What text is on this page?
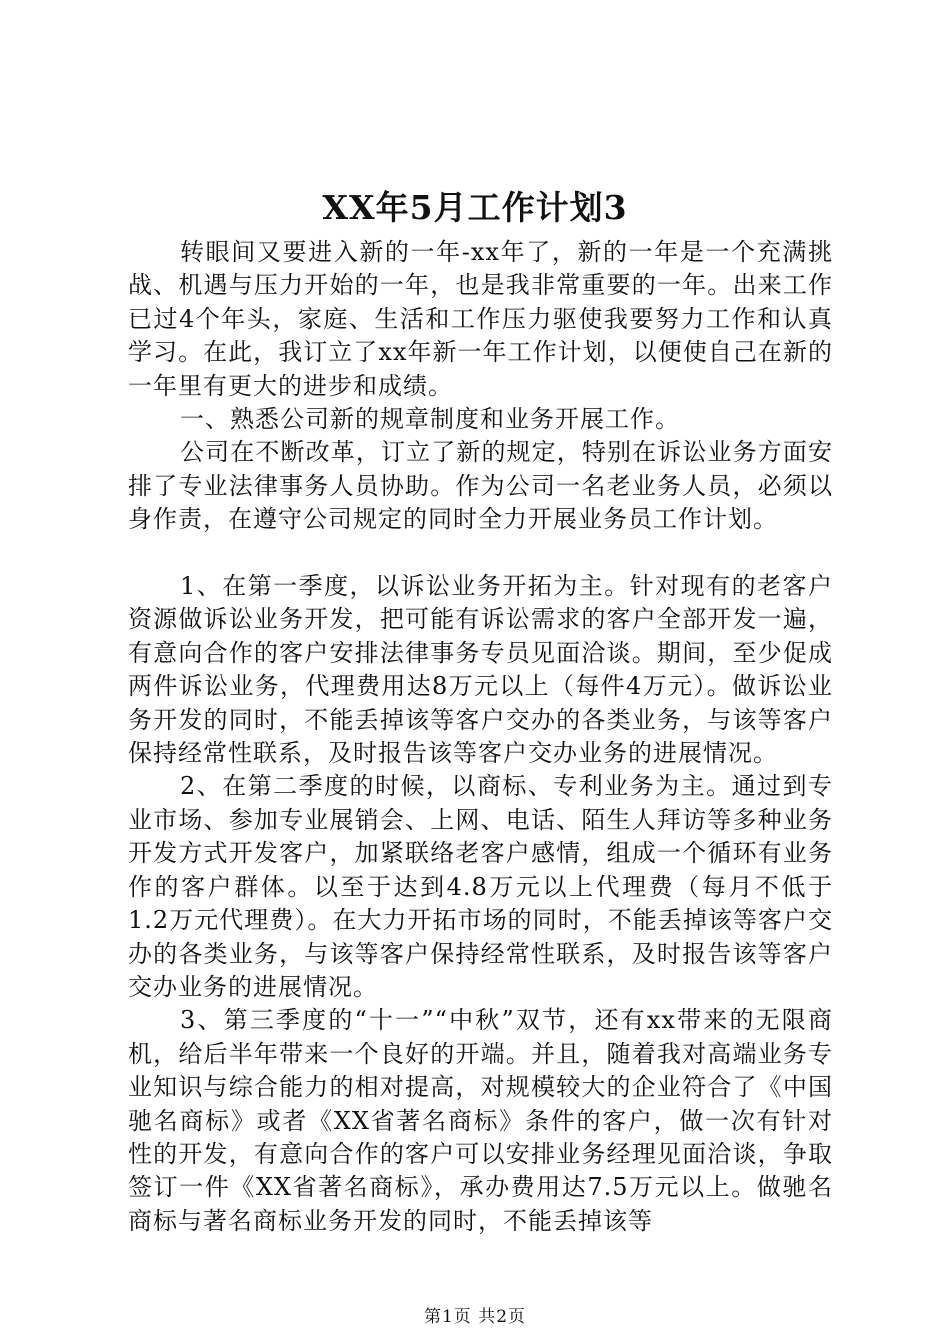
XX年5月工作计划3

转眼间又要进入新的一年-xx年了，新的一年是一个充满挑战、机遇与压力开始的一年，也是我非常重要的一年。出来工作已过4个年头，家庭、生活和工作压力驱使我要努力工作和认真学习。在此，我订立了xx年新一年工作计划，以便使自己在新的一年里有更大的进步和成绩。

一、熟悉公司新的规章制度和业务开展工作。

公司在不断改革，订立了新的规定，特别在诉讼业务方面安排了专业法律事务人员协助。作为公司一名老业务人员，必须以身作责，在遵守公司规定的同时全力开展业务员工作计划。

1、在第一季度，以诉讼业务开拓为主。针对现有的老客户资源做诉讼业务开发，把可能有诉讼需求的客户全部开发一遍，有意向合作的客户安排法律事务专员见面洽谈。期间，至少促成两件诉讼业务，代理费用达8万元以上（每件4万元）。做诉讼业务开发的同时，不能丢掉该等客户交办的各类业务，与该等客户保持经常性联系，及时报告该等客户交办业务的进展情况。

2、在第二季度的时候，以商标、专利业务为主。通过到专业市场、参加专业展销会、上网、电话、陌生人拜访等多种业务开发方式开发客户，加紧联络老客户感情，组成一个循环有业务作的客户群体。以至于达到4.8万元以上代理费（每月不低于1.2万元代理费）。在大力开拓市场的同时，不能丢掉该等客户交办的各类业务，与该等客户保持经常性联系，及时报告该等客户交办业务的进展情况。

3、第三季度的“十一”“中秋”双节，还有xx带来的无限商机，给后半年带来一个良好的开端。并且，随着我对高端业务专业知识与综合能力的相对提高，对规模较大的企业符合了《中国驰名商标》或者《XX省著名商标》条件的客户，做一次有针对性的开发，有意向合作的客户可以安排业务经理见面洽谈，争取签订一件《XX省著名商标》，承办费用达7.5万元以上。做驰名商标与著名商标业务开发的同时，不能丢掉该等

第1页 共2页
